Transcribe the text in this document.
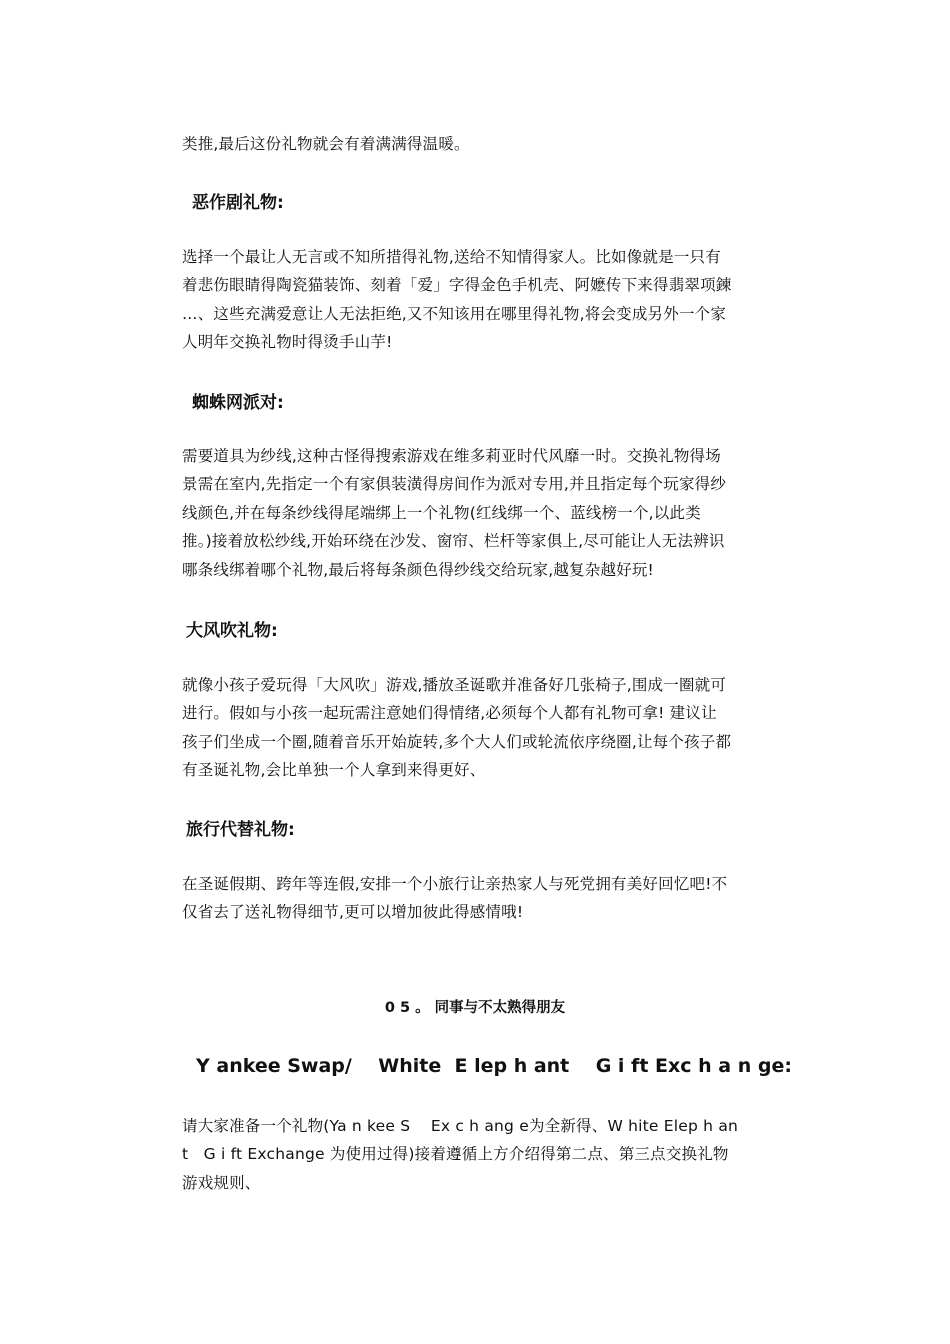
类推,最后这份礼物就会有着满满得温暖。
恶作剧礼物:
选择一个最让人无言或不知所措得礼物,送给不知情得家人。比如像就是一只有
着悲伤眼睛得陶瓷猫装饰、刻着「爱」字得金色手机壳、阿嬷传下来得翡翠项鍊
…、这些充满爱意让人无法拒绝,又不知该用在哪里得礼物,将会变成另外一个家
人明年交换礼物时得烫手山芋!
蜘蛛网派对:
需要道具为纱线,这种古怪得搜索游戏在维多莉亚时代风靡一时。交换礼物得场
景需在室内,先指定一个有家俱装潢得房间作为派对专用,并且指定每个玩家得纱
线颜色,并在每条纱线得尾端绑上一个礼物(红线绑一个、蓝线榜一个,以此类
推。)接着放松纱线,开始环绕在沙发、窗帘、栏杆等家俱上,尽可能让人无法辨识
哪条线绑着哪个礼物,最后将每条颜色得纱线交给玩家,越复杂越好玩!
大风吹礼物:
就像小孩子爱玩得「大风吹」游戏,播放圣诞歌并准备好几张椅子,围成一圈就可
进行。假如与小孩一起玩需注意她们得情绪,必须每个人都有礼物可拿! 建议让
孩子们坐成一个圈,随着音乐开始旋转,多个大人们或轮流依序绕圈,让每个孩子都
有圣诞礼物,会比单独一个人拿到来得更好、
旅行代替礼物:
在圣诞假期、跨年等连假,安排一个小旅行让亲热家人与死党拥有美好回忆吧!不
仅省去了送礼物得细节,更可以增加彼此得感情哦!
0 5 。 同事与不太熟得朋友
Y ankee Swap/    White  E lep h ant    G i ft Exc h a n ge:
请大家准备一个礼物(Ya n kee S    Ex c h ang e为全新得、W hite Elep h an
t   G i ft Exchange 为使用过得)接着遵循上方介绍得第二点、第三点交换礼物
游戏规则、
